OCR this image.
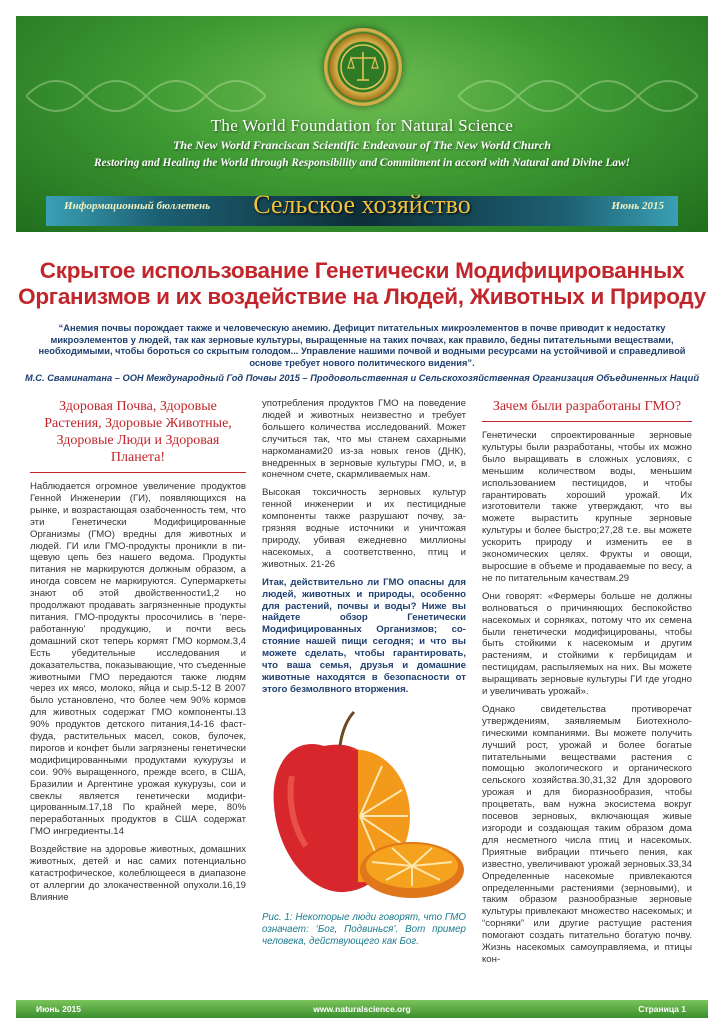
The World Foundation for Natural Science
The New World Franciscan Scientific Endeavour of The New World Church
Restoring and Healing the World through Responsibility and Commitment in accord with Natural and Divine Law!
Информационный бюллетень	Сельское хозяйство	Июнь 2015
Скрытое использование Генетически Модифицированных
Организмов и их воздействие на Людей, Животных и Природу
“Анемия почвы порождает также и человеческую анемию. Дефицит питательных микроэлементов в почве приводит к недостатку микроэлементов у людей, так как зерновые культуры, выращенные на таких почвах, как правило, бедны питательными веществами, необходимыми, чтобы бороться со скрытым голодом... Управление нашими почвой и водными ресурсами на устойчивой и справедливой основе требует нового политического видения”.
М.С. Сваминатана – ООН Международный Год Почвы 2015 – Продовольственная и Сельскохозяйственная Организация Объединенных Наций
Здоровая Почва, Здоровые Растения, Здоровые Животные, Здоровые Люди и Здоровая Планета!

Наблюдается огромное увеличение продуктов Генной Инженерии (ГИ), появляющихся на рынке, и возрастающая озабоченность тем, что эти Генетически Модифицированные Организмы (ГМО) вредны для животных и людей. ГИ или ГМО-продукты проникли в пищевую цепь без нашего ведома. Продукты питания не маркируются должным образом, а иногда совсем не маркируются. Супермаркеты знают об этой двойственности1,2 но продолжают продавать загрязненные продукты питания. ГМО-продукты просочились в ‘переработанную’ продукцию, и почти весь домашний скот теперь кормят ГМО кормом.3,4 Есть убедительные исследования и доказательства, показывающие, что съеденные животными ГМО передаются также людям через их мясо, молоко, яйца и сыр.5-12 В 2007 было установлено, что более чем 90% кормов для животных содержат ГМО компоненты.13 90% продуктов детского питания,14-16 фаст-фуда, растительных масел, соков, булочек, пирогов и конфет были загрязнены генетически модифицированными продуктами кукурузы и сои. 90% выращенного, прежде всего, в США, Бразилии и Аргентине урожая кукурузы, сои и свеклы является генетически модифицированным.17,18 По крайней мере, 80% переработанных продуктов в США содержат ГМО ингредиенты.14

Воздействие на здоровье животных, домашних животных, детей и нас самих потенциально катастрофическое, колеблющееся в диапазоне от аллергии до злокачественной опухоли.16,19 Влияние

употребления продуктов ГМО на поведение людей и животных неизвестно и требует большего количества исследований. Может случиться так, что мы станем сахарными наркоманами20 из-за новых генов (ДНК), внедренных в зерновые культуры ГМО, и, в конечном счете, скармливаемых нам.

Высокая токсичность зерновых культур генной инженерии и их пестицидные компоненты также разрушают почву, загрязняя водные источники и уничтожая природу, убивая ежедневно миллионы насекомых, а соответственно, птиц и животных. 21-26

Итак, действительно ли ГМО опасны для людей, животных и природы, особенно для растений, почвы и воды? Ниже вы найдете обзор Генетически Модифицированных Организмов; состояние нашей пищи сегодня; и что вы можете сделать, чтобы гарантировать, что ваша семья, друзья и домашние животные находятся в безопасности от этого безмолвного вторжения.

Рис. 1: Некоторые люди говорят, что ГМО означает: ‘Бог, Подвинься’. Вот пример человека, действующего как Бог.
Зачем были разработаны ГМО?

Генетически спроектированные зерновые культуры были разработаны, чтобы их можно было выращивать в сложных условиях, с меньшим количеством воды, меньшим использованием пестицидов, и чтобы гарантировать хороший урожай. Их изготовители также утверждают, что вы можете вырастить крупные зерновые культуры и более быстро;27,28 т.е. вы можете ускорить природу и изменить ее в экономических целях. Фрукты и овощи, выросшие в объеме и продаваемые по весу, а не по питательным качествам.29

Они говорят: «Фермеры больше не должны волноваться о причиняющих беспокойство насекомых и сорняках, потому что их семена были генетически модифицированы, чтобы быть стойкими к насекомым и другим растениям, и стойкими к гербицидам и пестицидам, распыляемых на них. Вы можете выращивать зерновые культуры ГИ где угодно и увеличивать урожай».

Однако свидетельства противоречат утверждениям, заявляемым Биотехнологическими компаниями. Вы можете получить лучший рост, урожай и более богатые питательными веществами растения с помощью экологического и органического сельского хозяйства.30,31,32 Для здорового урожая и для биоразнообразия, чтобы процветать, вам нужна экосистема вокруг посевов зерновых, включающая живые изгороди и создающая таким образом дома для несметного числа птиц и насекомых. Приятные вибрации птичьего пения, как известно, увеличивают урожай зерновых.33,34 Определенные насекомые привлекаются определенными растениями (зерновыми), и таким образом разнообразные зерновые культуры привлекают множество насекомых; и “сорняки” или другие растущие растения помогают создать питательно богатую почву. Жизнь насекомых самоуправляема, и птицы кон-

Июнь 2015	www.naturalscience.org	Страница 1
